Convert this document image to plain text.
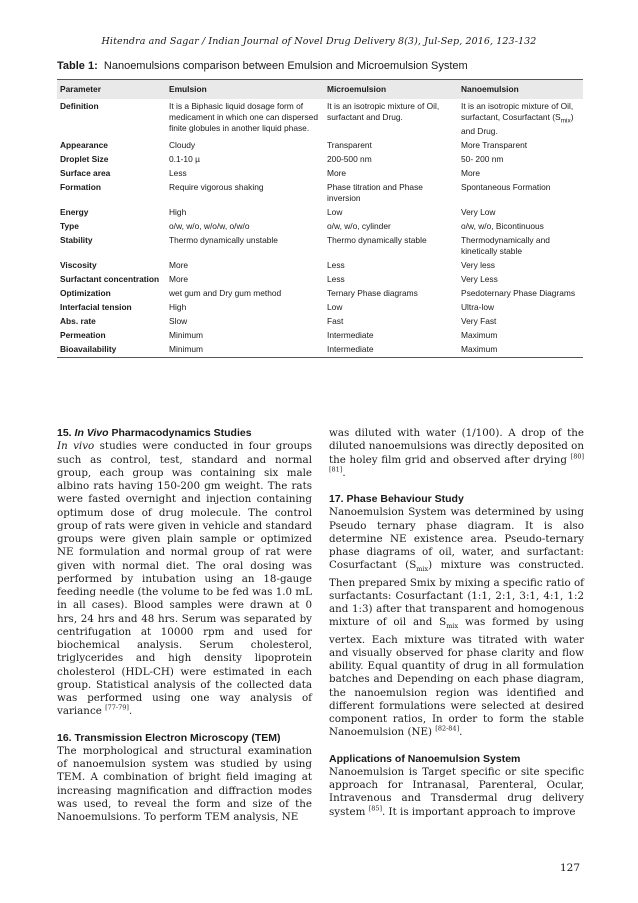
Hitendra and Sagar / Indian Journal of Novel Drug Delivery 8(3), Jul-Sep, 2016, 123-132
Table 1: Nanoemulsions comparison between Emulsion and Microemulsion System
Parameter	Emulsion	Microemulsion	Nanoemulsion
Definition	It is a Biphasic liquid dosage form of medicament in which one can dispersed finite globules in another liquid phase.	It is an isotropic mixture of Oil, surfactant and Drug.	It is an isotropic mixture of Oil, surfactant, Cosurfactant $(S_{mix})$ and Drug.
Appearance	Cloudy	Transparent	More Transparent
Droplet Size	0.1-10 µ	200-500 nm	50- 200 nm
Surface area	Less	More	More
Formation	Require vigorous shaking	Phase titration and Phase inversion	Spontaneous Formation
Energy	High	Low	Very Low
Type	o/w, w/o, w/o/w, o/w/o	o/w, w/o, cylinder	o/w, w/o, Bicontinuous
Stability	Thermo dynamically unstable	Thermo dynamically stable	Thermodynamically and kinetically stable
Viscosity	More	Less	Very less
Surfactant concentration	More	Less	Very Less
Optimization	wet gum and Dry gum method	Ternary Phase diagrams	Psedoternary Phase Diagrams
Interfacial tension	High	Low	Ultra-low
Abs. rate	Slow	Fast	Very Fast
Permeation	Minimum	Intermediate	Maximum
Bioavailability	Minimum	Intermediate	Maximum
15. In Vivo Pharmacodynamics Studies

In vivo studies were conducted in four groups such as control, test, standard and normal group, each group was containing six male albino rats having 150-200 gm weight. The rats were fasted overnight and injection containing optimum dose of drug molecule. The control group of rats were given in vehicle and standard groups were given plain sample or optimized NE formulation and normal group of rat were given with normal diet. The oral dosing was performed by intubation using an 18-gauge feeding needle (the volume to be fed was 1.0 mL in all cases). Blood samples were drawn at 0 hrs, 24 hrs and 48 hrs. Serum was separated by centrifugation at 10000 rpm and used for biochemical analysis. Serum cholesterol, triglycerides and high density lipoprotein cholesterol (HDL-CH) were estimated in each group. Statistical analysis of the collected data was performed using one way analysis of variance [77-79].

16. Transmission Electron Microscopy (TEM)

The morphological and structural examination of nanoemulsion system was studied by using TEM. A combination of bright field imaging at increasing magnification and diffraction modes was used, to reveal the form and size of the Nanoemulsions. To perform TEM analysis, NE

was diluted with water (1/100). A drop of the diluted nanoemulsions was directly deposited on the holey film grid and observed after drying [80] [81].

17. Phase Behaviour Study

Nanoemulsion System was determined by using Pseudo ternary phase diagram. It is also determine NE existence area. Pseudo-ternary phase diagrams of oil, water, and surfactant: Cosurfactant $(S_{mix})$ mixture was constructed. Then prepared Smix by mixing a specific ratio of surfactants: Cosurfactant (1:1, 2:1, 3:1, 4:1, 1:2 and 1:3) after that transparent and homogenous mixture of oil and $S_{mix}$ was formed by using vertex. Each mixture was titrated with water and visually observed for phase clarity and flow ability. Equal quantity of drug in all formulation batches and Depending on each phase diagram, the nanoemulsion region was identified and different formulations were selected at desired component ratios, In order to form the stable Nanoemulsion (NE) [82-84].

Applications of Nanoemulsion System

Nanoemulsion is Target specific or site specific approach for Intranasal, Parenteral, Ocular, Intravenous and Transdermal drug delivery system [85]. It is important approach to improve

127
